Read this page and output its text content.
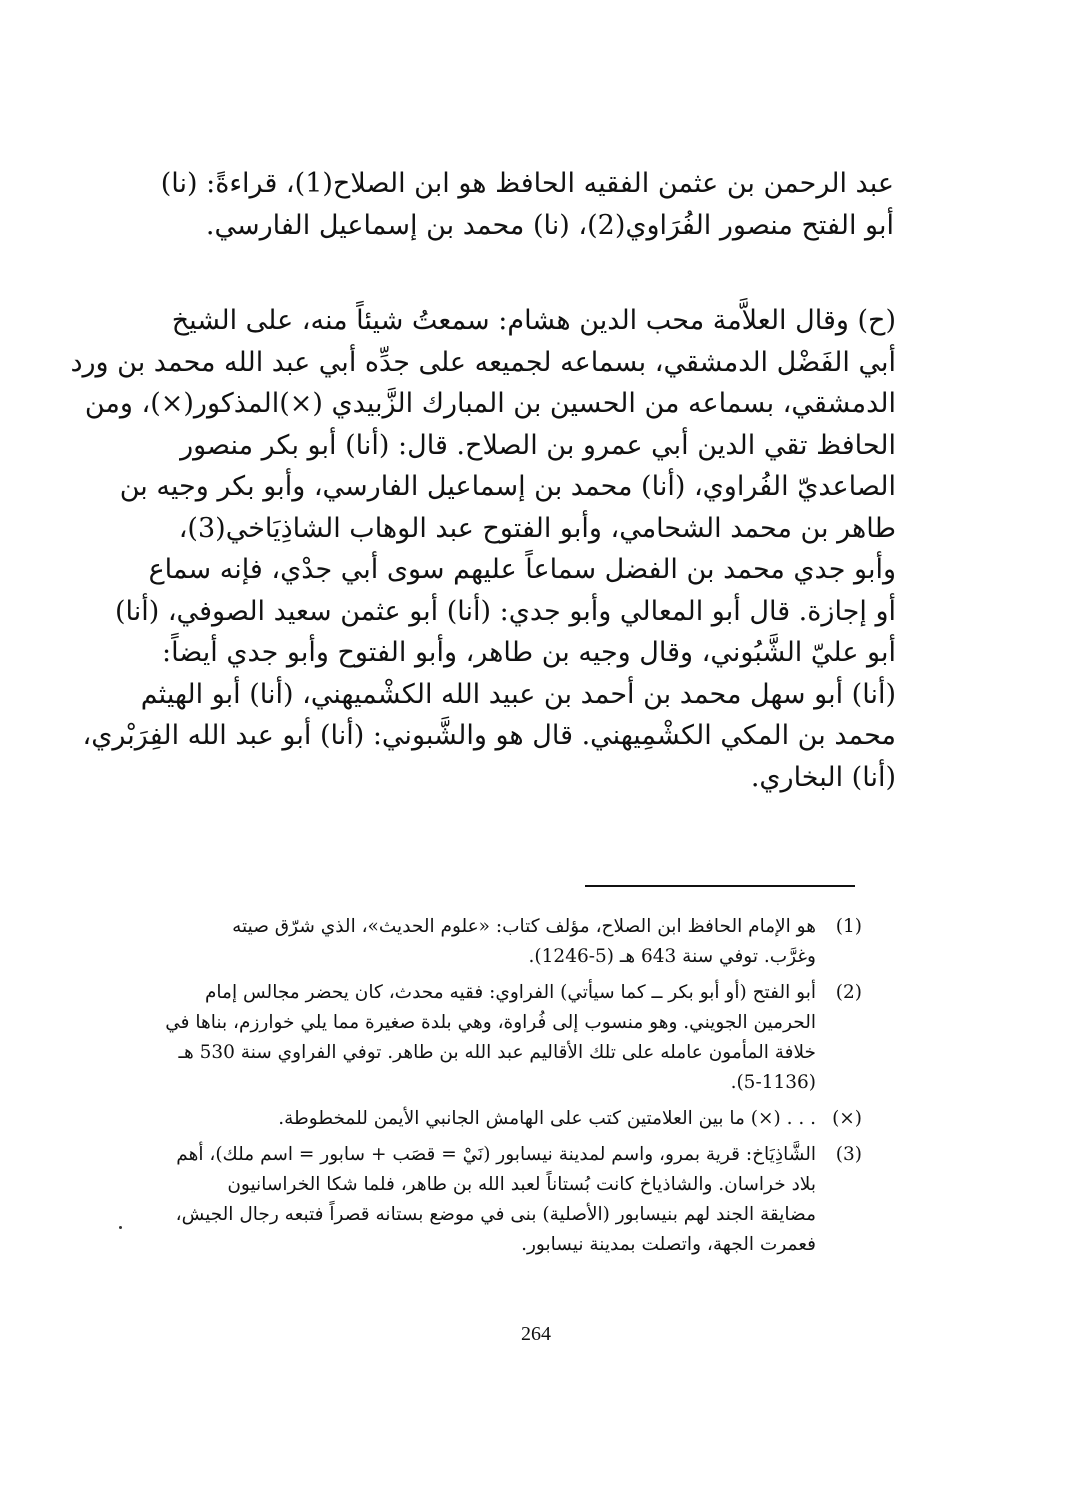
عبد الرحمن بن عثمن الفقيه الحافظ هو ابن الصلاح(1)، قراءةً: (نا)
أبو الفتح منصور الفُرَاوي(2)، (نا) محمد بن إسماعيل الفارسي.
(ح) وقال العلاَّمة محب الدين هشام: سمعتُ شيئاً منه، على الشيخ
أبي الفَضْل الدمشقي، بسماعه لجميعه على جدِّه أبي عبد الله محمد بن ورد
الدمشقي، بسماعه من الحسين بن المبارك الزَّبيدي (×)المذكور(×)، ومن
الحافظ تقي الدين أبي عمرو بن الصلاح. قال: (أنا) أبو بكر منصور
الصاعديّ الفُراوي، (أنا) محمد بن إسماعيل الفارسي، وأبو بكر وجيه بن
طاهر بن محمد الشحامي، وأبو الفتوح عبد الوهاب الشاذِيَاخي(3)،
وأبو جدي محمد بن الفضل سماعاً عليهم سوى أبي جدْي، فإنه سماع
أو إجازة. قال أبو المعالي وأبو جدي: (أنا) أبو عثمن سعيد الصوفي، (أنا)
أبو عليّ الشَّبُوني، وقال وجيه بن طاهر، وأبو الفتوح وأبو جدي أيضاً:
(أنا) أبو سهل محمد بن أحمد بن عبيد الله الكشْميهني، (أنا) أبو الهيثم
محمد بن المكي الكشْمِيهني. قال هو والشَّبوني: (أنا) أبو عبد الله الفِرَبْري،
(أنا) البخاري.
(1)
هو الإمام الحافظ ابن الصلاح، مؤلف كتاب: «علوم الحديث»، الذي شرّق صيته
وغرَّب. توفي سنة 643 هـ (5-1246).
(2)
أبو الفتح (أو أبو بكر ــ كما سيأتي) الفراوي: فقيه محدث، كان يحضر مجالس إمام
الحرمين الجويني. وهو منسوب إلى فُراوة، وهي بلدة صغيرة مما يلي خوارزم، بناها في
خلافة المأمون عامله على تلك الأقاليم عبد الله بن طاهر. توفي الفراوي سنة 530 هـ
(5-1136).
(×)
. . . (×) ما بين العلامتين كتب على الهامش الجانبي الأيمن للمخطوطة.
(3)
الشَّاذِيَاخ: قرية بمرو، واسم لمدينة نيسابور (نَيْ = قصَب + سابور = اسم ملك)، أهم
بلاد خراسان. والشاذياخ كانت بُستاناً لعبد الله بن طاهر، فلما شكا الخراسانيون
مضايقة الجند لهم بنيسابور (الأصلية) بنى في موضع بستانه قصراً فتبعه رجال الجيش،
فعمرت الجهة، واتصلت بمدينة نيسابور.
264
